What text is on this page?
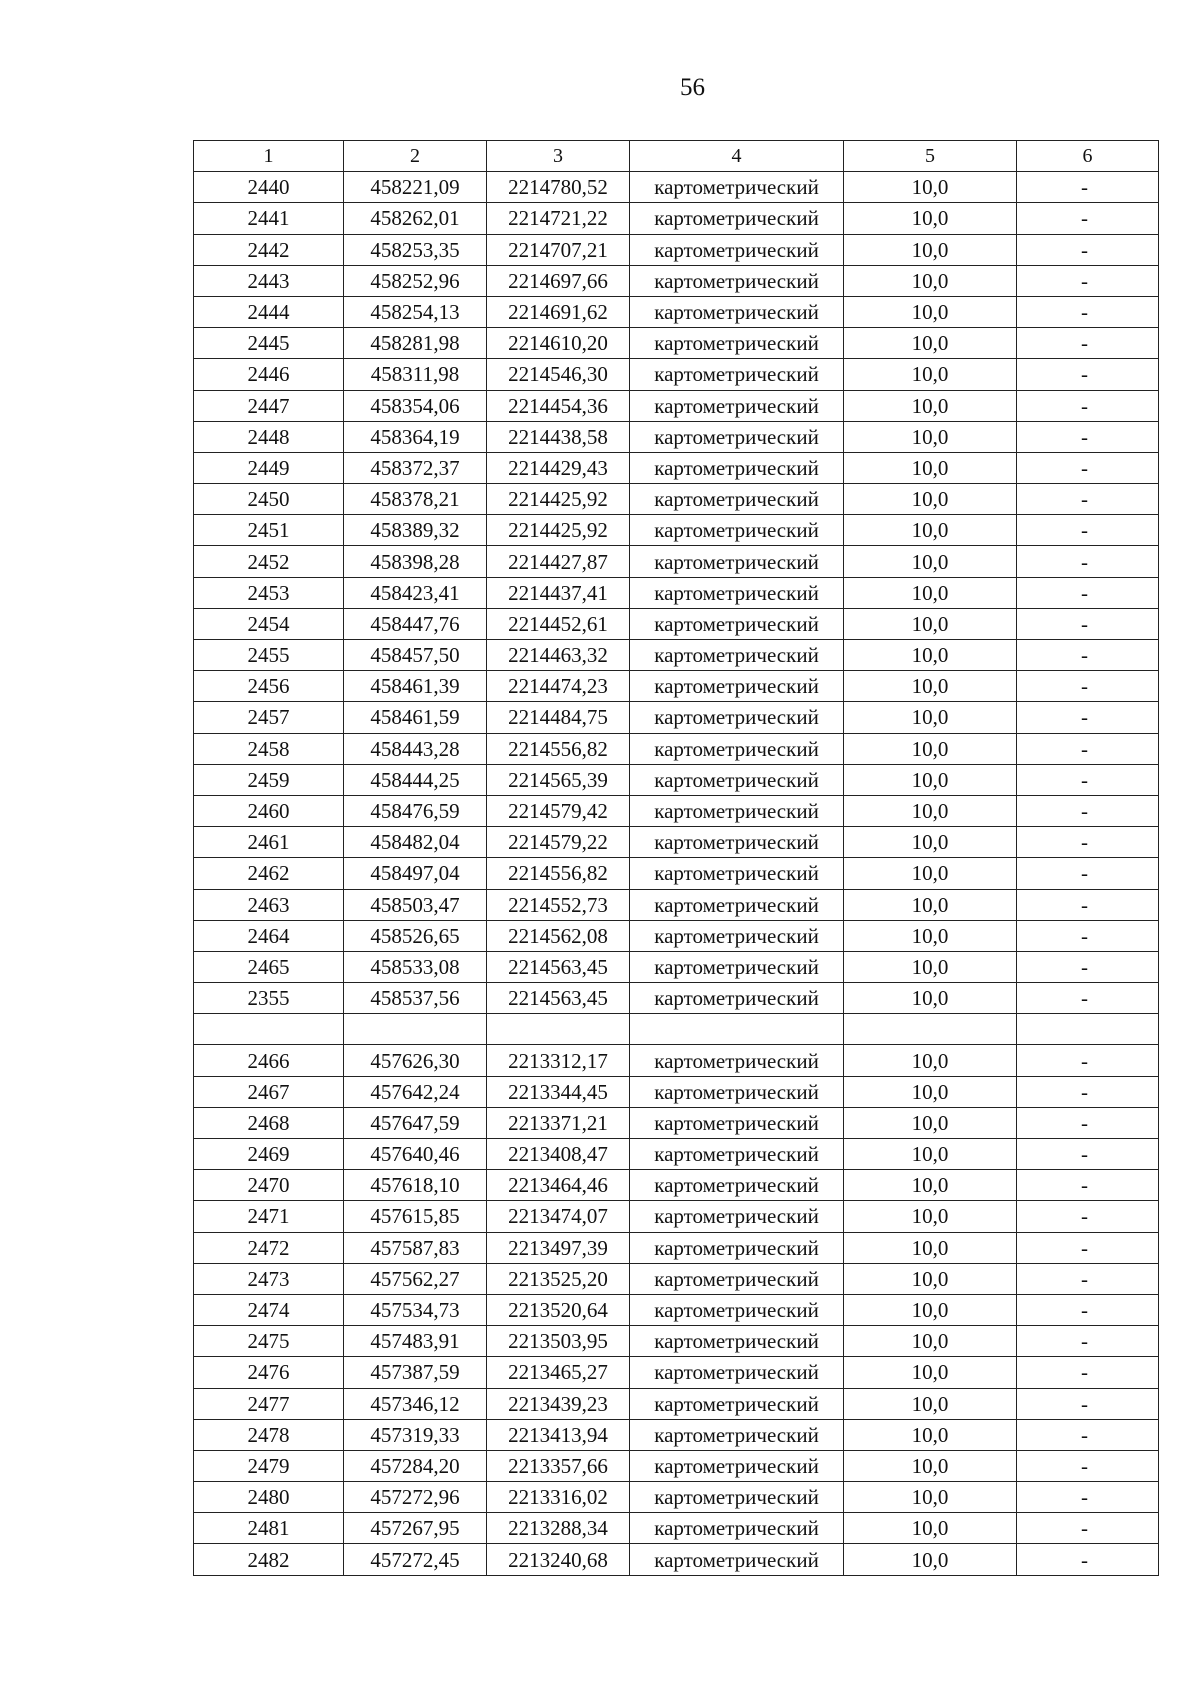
56
1	2	3	4	5	6
2440	458221,09	2214780,52	картометрический	10,0	-
2441	458262,01	2214721,22	картометрический	10,0	-
2442	458253,35	2214707,21	картометрический	10,0	-
2443	458252,96	2214697,66	картометрический	10,0	-
2444	458254,13	2214691,62	картометрический	10,0	-
2445	458281,98	2214610,20	картометрический	10,0	-
2446	458311,98	2214546,30	картометрический	10,0	-
2447	458354,06	2214454,36	картометрический	10,0	-
2448	458364,19	2214438,58	картометрический	10,0	-
2449	458372,37	2214429,43	картометрический	10,0	-
2450	458378,21	2214425,92	картометрический	10,0	-
2451	458389,32	2214425,92	картометрический	10,0	-
2452	458398,28	2214427,87	картометрический	10,0	-
2453	458423,41	2214437,41	картометрический	10,0	-
2454	458447,76	2214452,61	картометрический	10,0	-
2455	458457,50	2214463,32	картометрический	10,0	-
2456	458461,39	2214474,23	картометрический	10,0	-
2457	458461,59	2214484,75	картометрический	10,0	-
2458	458443,28	2214556,82	картометрический	10,0	-
2459	458444,25	2214565,39	картометрический	10,0	-
2460	458476,59	2214579,42	картометрический	10,0	-
2461	458482,04	2214579,22	картометрический	10,0	-
2462	458497,04	2214556,82	картометрический	10,0	-
2463	458503,47	2214552,73	картометрический	10,0	-
2464	458526,65	2214562,08	картометрический	10,0	-
2465	458533,08	2214563,45	картометрический	10,0	-
2355	458537,56	2214563,45	картометрический	10,0	-

2466	457626,30	2213312,17	картометрический	10,0	-
2467	457642,24	2213344,45	картометрический	10,0	-
2468	457647,59	2213371,21	картометрический	10,0	-
2469	457640,46	2213408,47	картометрический	10,0	-
2470	457618,10	2213464,46	картометрический	10,0	-
2471	457615,85	2213474,07	картометрический	10,0	-
2472	457587,83	2213497,39	картометрический	10,0	-
2473	457562,27	2213525,20	картометрический	10,0	-
2474	457534,73	2213520,64	картометрический	10,0	-
2475	457483,91	2213503,95	картометрический	10,0	-
2476	457387,59	2213465,27	картометрический	10,0	-
2477	457346,12	2213439,23	картометрический	10,0	-
2478	457319,33	2213413,94	картометрический	10,0	-
2479	457284,20	2213357,66	картометрический	10,0	-
2480	457272,96	2213316,02	картометрический	10,0	-
2481	457267,95	2213288,34	картометрический	10,0	-
2482	457272,45	2213240,68	картометрический	10,0	-
